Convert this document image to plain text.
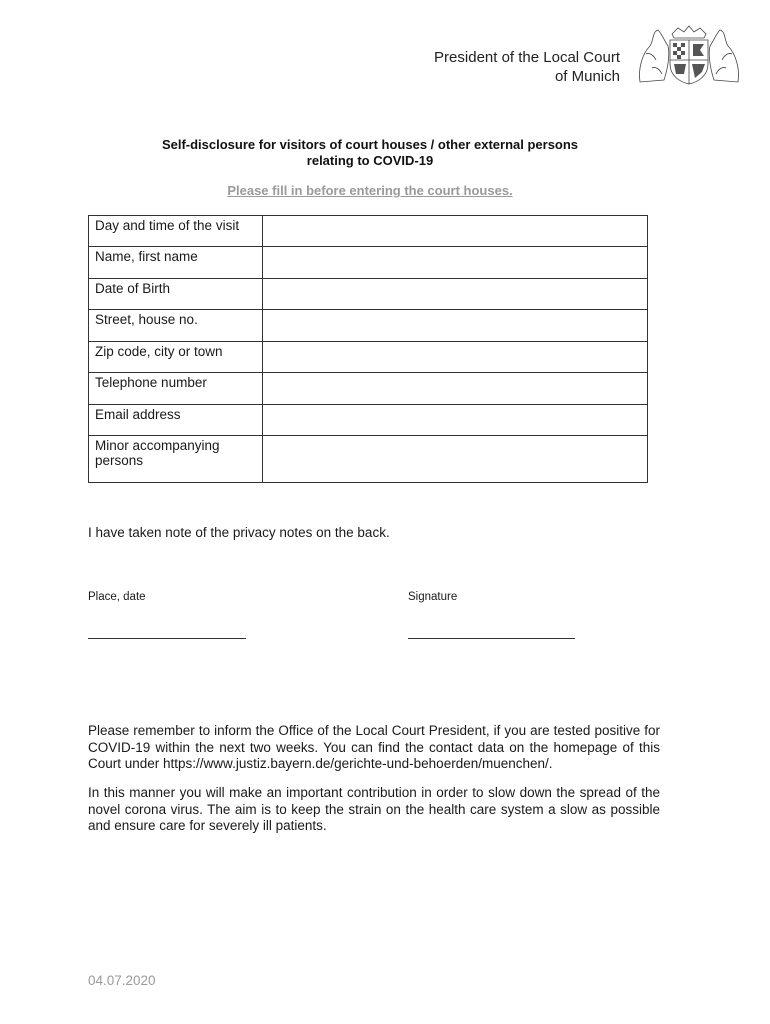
President of the Local Court
of Munich
Self-disclosure for visitors of court houses / other external persons
relating to COVID-19
Please fill in before entering the court houses.
Day and time of the visit	
Name, first name	
Date of Birth	
Street, house no.	
Zip code, city or town	
Telephone number	
Email address	
Minor accompanying
persons	
I have taken note of the privacy notes on the back.
Place, date	Signature
Please remember to inform the Office of the Local Court President, if you are tested positive for COVID-19 within the next two weeks. You can find the contact data on the homepage of this Court under https://www.justiz.bayern.de/gerichte-und-behoerden/muenchen/.
In this manner you will make an important contribution in order to slow down the spread of the novel corona virus. The aim is to keep the strain on the health care system a slow as possible and ensure care for severely ill patients.
04.07.2020
